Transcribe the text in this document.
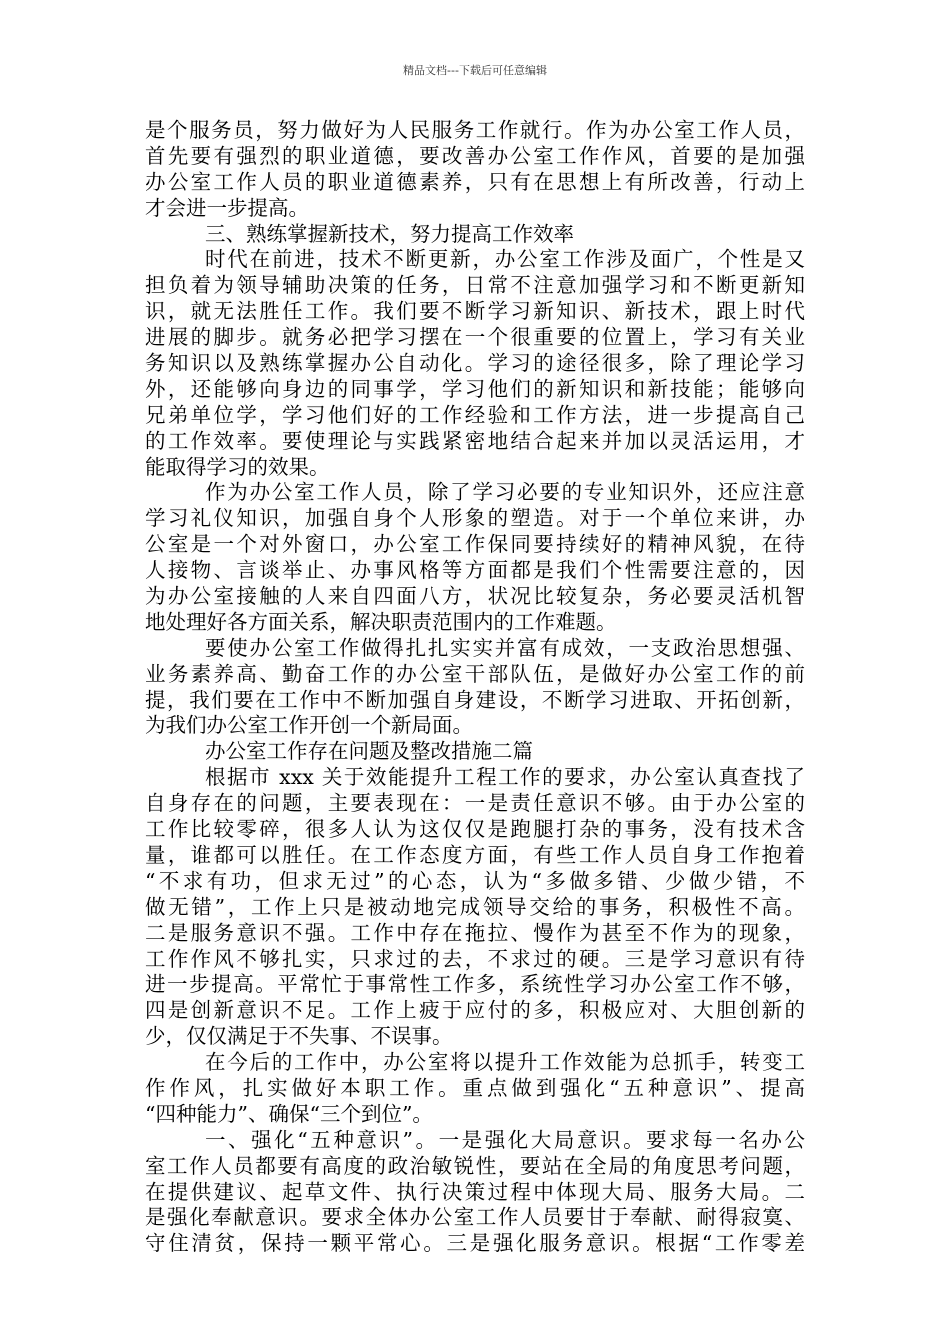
精品文档---下载后可任意编辑
是个服务员，努力做好为人民服务工作就行。作为办公室工作人员，
首先要有强烈的职业道德，要改善办公室工作作风，首要的是加强
办公室工作人员的职业道德素养，只有在思想上有所改善，行动上
才会进一步提高。
三、熟练掌握新技术，努力提高工作效率
时代在前进，技术不断更新，办公室工作涉及面广，个性是又
担负着为领导辅助决策的任务，日常不注意加强学习和不断更新知
识，就无法胜任工作。我们要不断学习新知识、新技术，跟上时代
进展的脚步。就务必把学习摆在一个很重要的位置上，学习有关业
务知识以及熟练掌握办公自动化。学习的途径很多，除了理论学习
外，还能够向身边的同事学，学习他们的新知识和新技能；能够向
兄弟单位学，学习他们好的工作经验和工作方法，进一步提高自己
的工作效率。要使理论与实践紧密地结合起来并加以灵活运用，才
能取得学习的效果。
作为办公室工作人员，除了学习必要的专业知识外，还应注意
学习礼仪知识，加强自身个人形象的塑造。对于一个单位来讲，办
公室是一个对外窗口，办公室工作保同要持续好的精神风貌，在待
人接物、言谈举止、办事风格等方面都是我们个性需要注意的，因
为办公室接触的人来自四面八方，状况比较复杂，务必要灵活机智
地处理好各方面关系，解决职责范围内的工作难题。
要使办公室工作做得扎扎实实并富有成效，一支政治思想强、
业务素养高、勤奋工作的办公室干部队伍，是做好办公室工作的前
提，我们要在工作中不断加强自身建设，不断学习进取、开拓创新，
为我们办公室工作开创一个新局面。
办公室工作存在问题及整改措施二篇
根据市 xxx 关于效能提升工程工作的要求，办公室认真查找了
自身存在的问题，主要表现在：一是责任意识不够。由于办公室的
工作比较零碎，很多人认为这仅仅是跑腿打杂的事务，没有技术含
量，谁都可以胜任。在工作态度方面，有些工作人员自身工作抱着
“不求有功，但求无过”的心态，认为“多做多错、少做少错，不
做无错”，工作上只是被动地完成领导交给的事务，积极性不高。
二是服务意识不强。工作中存在拖拉、慢作为甚至不作为的现象，
工作作风不够扎实，只求过的去，不求过的硬。三是学习意识有待
进一步提高。平常忙于事常性工作多，系统性学习办公室工作不够，
四是创新意识不足。工作上疲于应付的多，积极应对、大胆创新的
少，仅仅满足于不失事、不误事。
在今后的工作中，办公室将以提升工作效能为总抓手，转变工
作作风，扎实做好本职工作。重点做到强化“五种意识”、提高
“四种能力”、确保“三个到位”。
一、强化“五种意识”。一是强化大局意识。要求每一名办公
室工作人员都要有高度的政治敏锐性，要站在全局的角度思考问题，
在提供建议、起草文件、执行决策过程中体现大局、服务大局。二
是强化奉献意识。要求全体办公室工作人员要甘于奉献、耐得寂寞、
守住清贫，保持一颗平常心。三是强化服务意识。根据“工作零差
